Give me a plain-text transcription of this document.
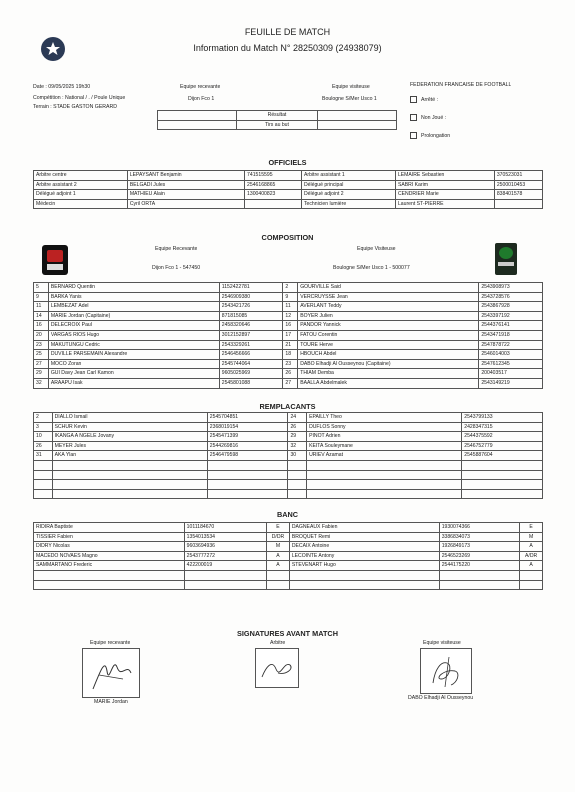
FEUILLE DE MATCH
Information du Match N° 28250309 (24938079)
Date : 09/05/2025 19h30
Compétition : National / . / Poule Unique
Terrain : STADE GASTON GÉRARD
Equipe recevante
Dijon Fco 1
Equipe visiteuse
Boulogne S/Mer Usco 1
FEDERATION FRANCAISE DE FOOTBALL
Arrêté :
Non Joué :
Prolongation
	Résultat	
	Tirs au but	
OFFICIELS
Arbitre centre	LEPAYSANT Benjamin	741515595	Arbitre assistant 1	LEMAIRE Sebastien	370523031
Arbitre assistant 2	BELGADI Jules	2546168865	Délégué principal	SABRI Karim	2500010453
Délégué adjoint 1	MATHIEU Alain	1300400823	Délégué adjoint 2	CENDRIER Marie	838401578
Médecin	Cyril ORTA		Technicien lumière	Laurent ST-PIERRE	
COMPOSITION
Equipe Recevante
Dijon Fco 1 - 547450
Equipe Visiteuse
Boulogne S/Mer Usco 1 - 500077
5	BERNARD Quentin	1152422781	2	GOURVILLE Said	2543908973
9	BARKA Yanis	2546909380	9	VERCRUYSSE Jean	2543728576
11	LEMBEZAT Adel	2543421726	11	AVERLANT Teddy	2543867928
14	MARIE Jordan (Capitaine)	871815085	12	BOYER Julien	2543397192
16	DELECROIX Paul	2458320646	16	PANDOR Yannick	2544376141
20	VARGAS RIOS Hugo	3012152897	17	FATOU Corentin	2543471918
23	MAKUTUNGU Cedric	2543329261	21	TOURE Herve	2547878722
25	DUVILLE PARSEMAIN Alexandre	2546456666	18	HBOUCH Abdel	2546014003
27	MOCO Zoran	2545744064	23	DABO Elhadji Al Ousseynou (Capitaine)	2547612345
29	GUI Davy Jean Carl Kamon	9605025969	26	THIAM Demba	200403517
32	ARAAPU Isak	2545801088	27	BAALLA Abdelmalek	2543149219
REMPLACANTS
2	DIALLO Ismail	2545704851	24	EPAILLY Theo	2543799133
3	SCHUR Kevin	2368019154	26	DUFLOS Sonny	2428347315
10	IKANGA A NGELE Jovany	2545471399	29	PINOT Adrien	2544375592
26	MEYER Jules	2544269816	32	KEITA Souleymane	2546752779
31	AKA Ylan	2546479598	30	URIEV Azamat	2545887604

BANC
RIDIRA Baptiste	1011184670	E	DAGNEAUX Fabien	1930074366	E
TISSIER Fabien	1354013534	D/DR	BROQUET Remi	3386834073	M
DIDRY Nicolas	9603694936	M	DECAIX Antoine	1926849173	A
MACEDO NOVAES Magno	2543777272	A	LECOINTE Antony	2546523269	A/DR
SAMMARTANO Frederic	422200019	A	STEVENART Hugo	2544175220	A

SIGNATURES AVANT MATCH
Equipe recevante	Arbitre	Equipe visiteuse
MARIE Jordan
DABO Elhadji Al Ousseynou
